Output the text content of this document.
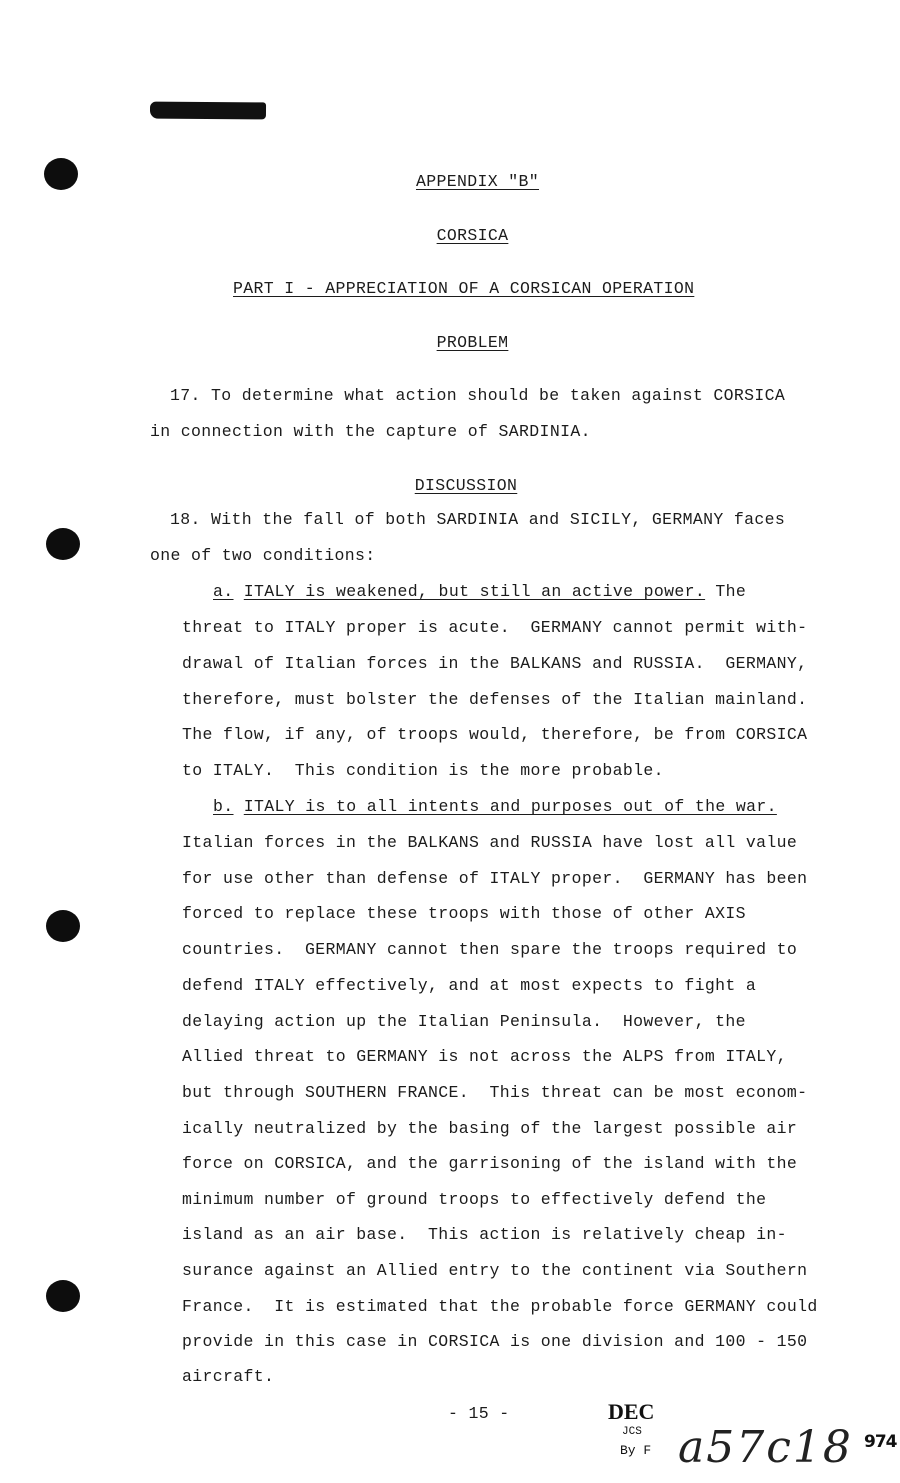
APPENDIX "B"
CORSICA
PART I - APPRECIATION OF A CORSICAN OPERATION
PROBLEM
17. To determine what action should be taken against CORSICA
in connection with the capture of SARDINIA.
DISCUSSION
18. With the fall of both SARDINIA and SICILY, GERMANY faces
one of two conditions:
a. ITALY is weakened, but still an active power. The
threat to ITALY proper is acute.  GERMANY cannot permit with-
drawal of Italian forces in the BALKANS and RUSSIA.  GERMANY,
therefore, must bolster the defenses of the Italian mainland.
The flow, if any, of troops would, therefore, be from CORSICA
to ITALY.  This condition is the more probable.
b. ITALY is to all intents and purposes out of the war.
Italian forces in the BALKANS and RUSSIA have lost all value
for use other than defense of ITALY proper.  GERMANY has been
forced to replace these troops with those of other AXIS
countries.  GERMANY cannot then spare the troops required to
defend ITALY effectively, and at most expects to fight a
delaying action up the Italian Peninsula.  However, the
Allied threat to GERMANY is not across the ALPS from ITALY,
but through SOUTHERN FRANCE.  This threat can be most econom-
ically neutralized by the basing of the largest possible air
force on CORSICA, and the garrisoning of the island with the
minimum number of ground troops to effectively defend the
island as an air base.  This action is relatively cheap in-
surance against an Allied entry to the continent via Southern
France.  It is estimated that the probable force GERMANY could
provide in this case in CORSICA is one division and 100 - 150
aircraft.
- 15 -	DEC
JCS
By F a57c18 974
